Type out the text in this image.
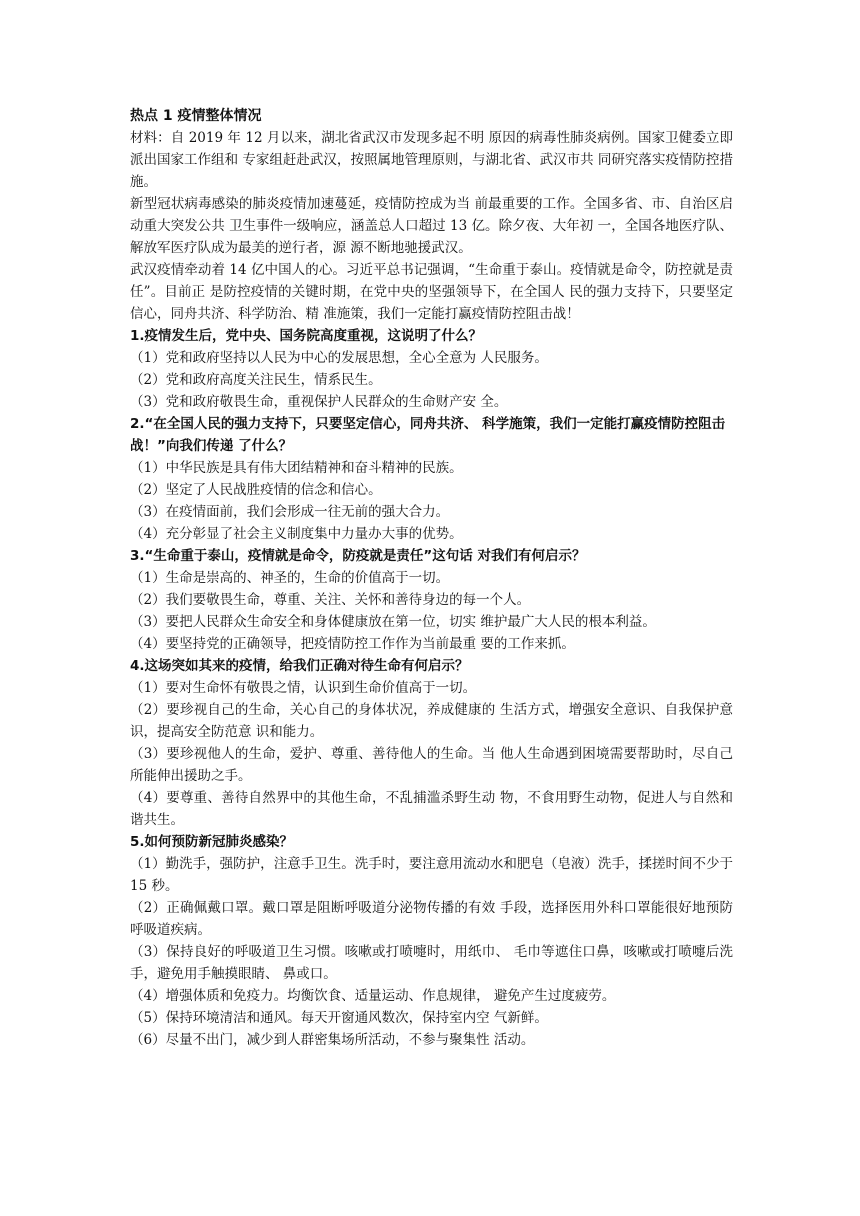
热点 1 疫情整体情况

材料：自 2019 年 12 月以来，湖北省武汉市发现多起不明 原因的病毒性肺炎病例。国家卫健委立即派出国家工作组和 专家组赶赴武汉，按照属地管理原则，与湖北省、武汉市共 同研究落实疫情防控措施。

新型冠状病毒感染的肺炎疫情加速蔓延，疫情防控成为当 前最重要的工作。全国多省、市、自治区启动重大突发公共 卫生事件一级响应，涵盖总人口超过 13 亿。除夕夜、大年初 一，全国各地医疗队、解放军医疗队成为最美的逆行者，源 源不断地驰援武汉。

武汉疫情牵动着 14 亿中国人的心。习近平总书记强调，“生命重于泰山。疫情就是命令，防控就是责任”。目前正 是防控疫情的关键时期，在党中央的坚强领导下，在全国人 民的强力支持下，只要坚定信心，同舟共济、科学防治、精 准施策，我们一定能打赢疫情防控阻击战！

1.疫情发生后，党中央、国务院高度重视，这说明了什么？

（1）党和政府坚持以人民为中心的发展思想，全心全意为 人民服务。

（2）党和政府高度关注民生，情系民生。

（3）党和政府敬畏生命，重视保护人民群众的生命财产安 全。

2.“在全国人民的强力支持下，只要坚定信心，同舟共济、 科学施策，我们一定能打赢疫情防控阻击战！”向我们传递 了什么？

（1）中华民族是具有伟大团结精神和奋斗精神的民族。

（2）坚定了人民战胜疫情的信念和信心。

（3）在疫情面前，我们会形成一往无前的强大合力。

（4）充分彰显了社会主义制度集中力量办大事的优势。

3.“生命重于泰山，疫情就是命令，防疫就是责任”这句话 对我们有何启示？

（1）生命是崇高的、神圣的，生命的价值高于一切。

（2）我们要敬畏生命，尊重、关注、关怀和善待身边的每一个人。

（3）要把人民群众生命安全和身体健康放在第一位，切实 维护最广大人民的根本利益。

（4）要坚持党的正确领导，把疫情防控工作作为当前最重 要的工作来抓。

4.这场突如其来的疫情，给我们正确对待生命有何启示？

（1）要对生命怀有敬畏之情，认识到生命价值高于一切。

（2）要珍视自己的生命，关心自己的身体状况，养成健康的 生活方式，增强安全意识、自我保护意识，提高安全防范意 识和能力。

（3）要珍视他人的生命，爱护、尊重、善待他人的生命。当 他人生命遇到困境需要帮助时，尽自己所能伸出援助之手。

（4）要尊重、善待自然界中的其他生命，不乱捕滥杀野生动 物，不食用野生动物，促进人与自然和谐共生。

5.如何预防新冠肺炎感染？

（1）勤洗手，强防护，注意手卫生。洗手时，要注意用流动水和肥皂（皂液）洗手，揉搓时间不少于 15 秒。

（2）正确佩戴口罩。戴口罩是阻断呼吸道分泌物传播的有效 手段，选择医用外科口罩能很好地预防呼吸道疾病。

（3）保持良好的呼吸道卫生习惯。咳嗽或打喷嚏时，用纸巾、 毛巾等遮住口鼻，咳嗽或打喷嚏后洗手，避免用手触摸眼睛、 鼻或口。

（4）增强体质和免疫力。均衡饮食、适量运动、作息规律， 避免产生过度疲劳。

（5）保持环境清洁和通风。每天开窗通风数次，保持室内空 气新鲜。

（6）尽量不出门，减少到人群密集场所活动，不参与聚集性 活动。
